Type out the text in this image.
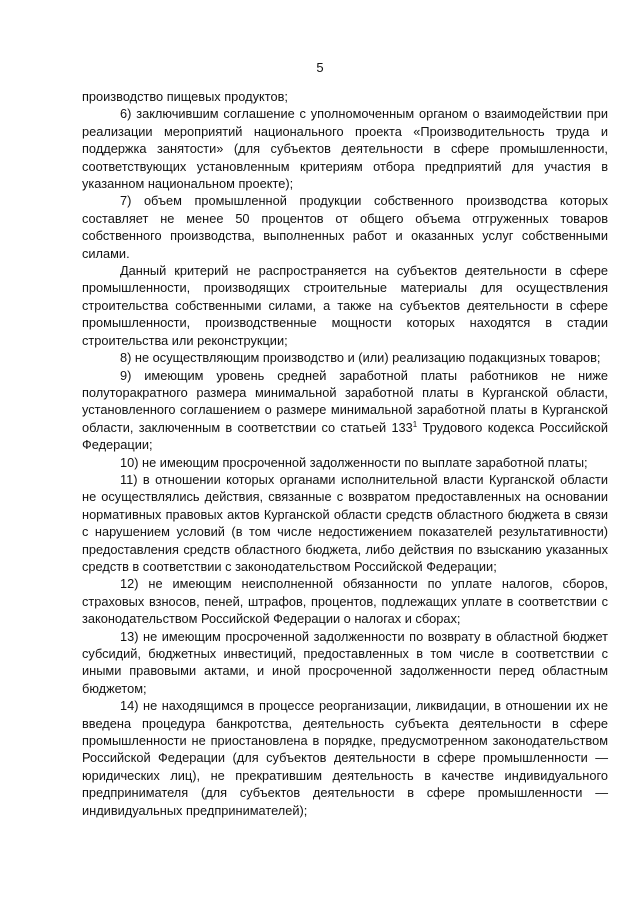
5

производство пищевых продуктов;

6) заключившим соглашение с уполномоченным органом о взаимодействии при реализации мероприятий национального проекта «Производительность труда и поддержка занятости» (для субъектов деятельности в сфере промышленности, соответствующих установленным критериям отбора предприятий для участия в указанном национальном проекте);

7) объем промышленной продукции собственного производства которых составляет не менее 50 процентов от общего объема отгруженных товаров собственного производства, выполненных работ и оказанных услуг собственными силами.

Данный критерий не распространяется на субъектов деятельности в сфере промышленности, производящих строительные материалы для осуществления строительства собственными силами, а также на субъектов деятельности в сфере промышленности, производственные мощности которых находятся в стадии строительства или реконструкции;

8) не осуществляющим производство и (или) реализацию подакцизных товаров;

9) имеющим уровень средней заработной платы работников не ниже полуторакратного размера минимальной заработной платы в Курганской области, установленного соглашением о размере минимальной заработной платы в Курганской области, заключенным в соответствии со статьей $133^1$ Трудового кодекса Российской Федерации;

10) не имеющим просроченной задолженности по выплате заработной платы;

11) в отношении которых органами исполнительной власти Курганской области не осуществлялись действия, связанные с возвратом предоставленных на основании нормативных правовых актов Курганской области средств областного бюджета в связи с нарушением условий (в том числе недостижением показателей результативности) предоставления средств областного бюджета, либо действия по взысканию указанных средств в соответствии с законодательством Российской Федерации;

12) не имеющим неисполненной обязанности по уплате налогов, сборов, страховых взносов, пеней, штрафов, процентов, подлежащих уплате в соответствии с законодательством Российской Федерации о налогах и сборах;

13) не имеющим просроченной задолженности по возврату в областной бюджет субсидий, бюджетных инвестиций, предоставленных в том числе в соответствии с иными правовыми актами, и иной просроченной задолженности перед областным бюджетом;

14) не находящимся в процессе реорганизации, ликвидации, в отношении их не введена процедура банкротства, деятельность субъекта деятельности в сфере промышленности не приостановлена в порядке, предусмотренном законодательством Российской Федерации (для субъектов деятельности в сфере промышленности — юридических лиц), не прекратившим деятельность в качестве индивидуального предпринимателя (для субъектов деятельности в сфере промышленности — индивидуальных предпринимателей);
